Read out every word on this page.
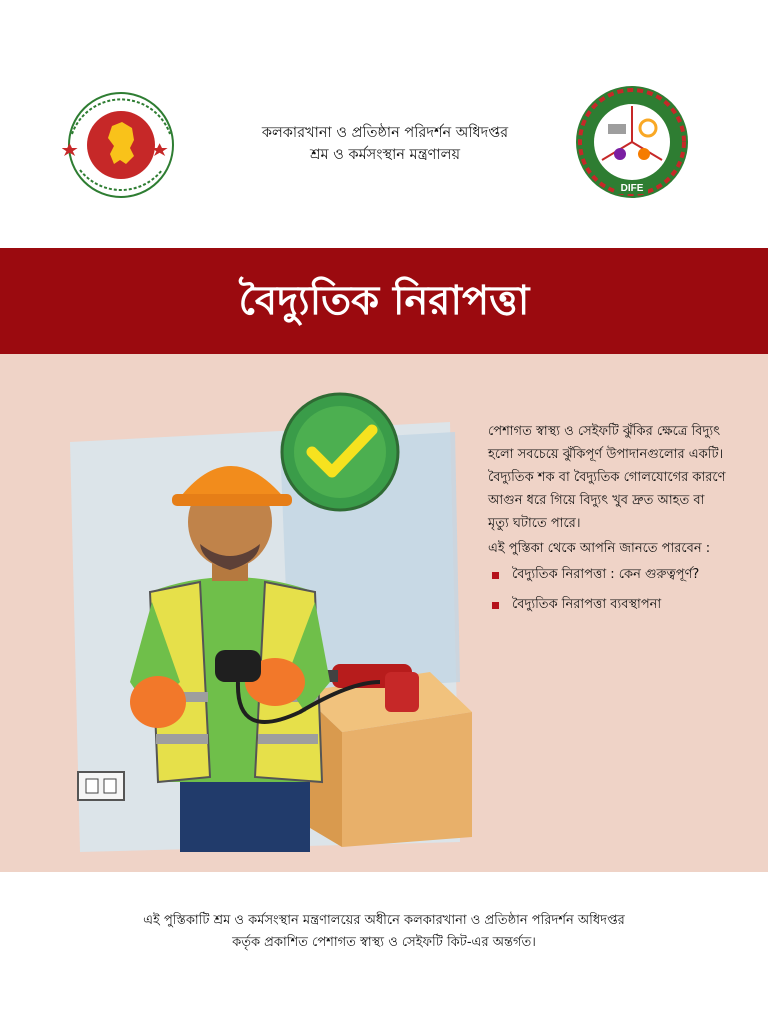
কলকারখানা ও প্রতিষ্ঠান পরিদর্শন অধিদপ্তর
শ্রম ও কর্মসংস্থান মন্ত্রণালয়
DIFE
বৈদ্যুতিক নিরাপত্তা

পেশাগত স্বাস্থ্য ও সেইফটি ঝুঁকির ক্ষেত্রে বিদ্যুৎ হলো সবচেয়ে ঝুঁকিপূর্ণ উপাদানগুলোর একটি। বৈদ্যুতিক শক বা বৈদ্যুতিক গোলযোগের কারণে আগুন ধরে গিয়ে বিদ্যুৎ খুব দ্রুত আহত বা মৃত্যু ঘটাতে পারে।

এই পুস্তিকা থেকে আপনি জানতে পারবেন :

বৈদ্যুতিক নিরাপত্তা : কেন গুরুত্বপূর্ণ?
বৈদ্যুতিক নিরাপত্তা ব্যবস্থাপনা
এই পুস্তিকাটি শ্রম ও কর্মসংস্থান মন্ত্রণালয়ের অধীনে কলকারখানা ও প্রতিষ্ঠান পরিদর্শন অধিদপ্তর
কর্তৃক প্রকাশিত পেশাগত স্বাস্থ্য ও সেইফটি কিট-এর অন্তর্গত।
